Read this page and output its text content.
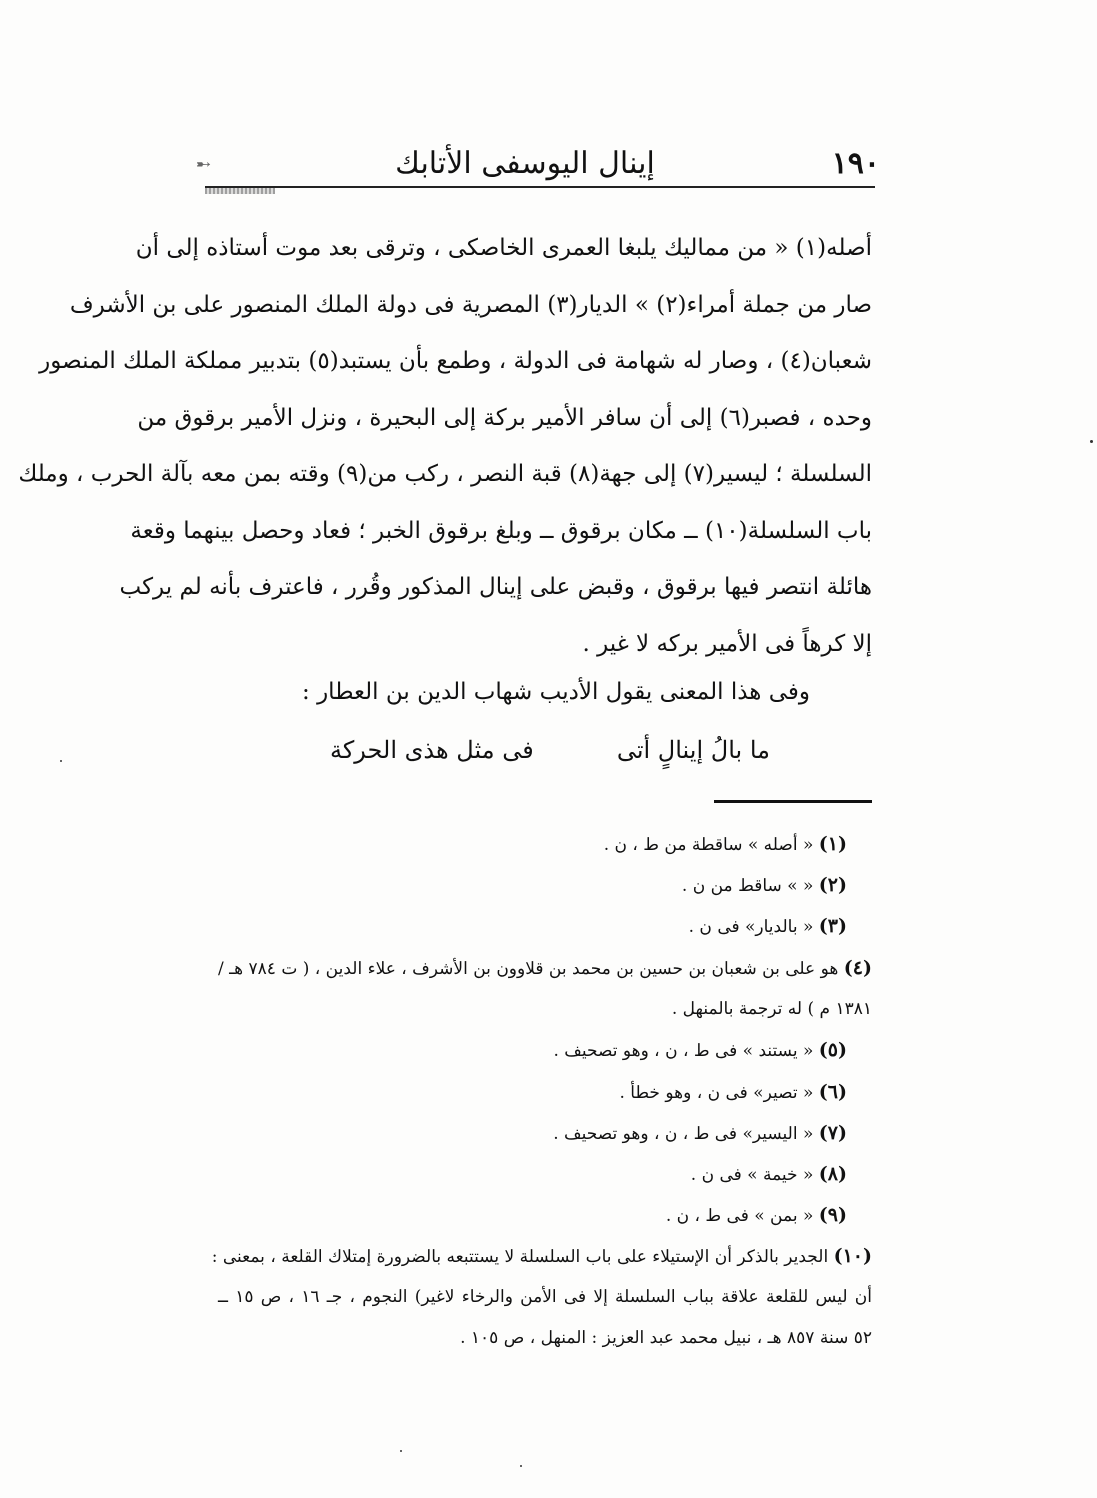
➸	إينال اليوسفى الأتابك	١٩٠
أصله(١) « من مماليك يلبغا العمرى الخاصكى ، وترقى بعد موت أستاذه إلى أن
صار من جملة أمراء(٢) » الديار(٣) المصرية فى دولة الملك المنصور على بن الأشرف
شعبان(٤) ، وصار له شهامة فى الدولة ، وطمع بأن يستبد(٥) بتدبير مملكة الملك المنصور
وحده ، فصبر(٦) إلى أن سافر الأمير بركة إلى البحيرة ، ونزل الأمير برقوق من
السلسلة ؛ ليسير(٧) إلى جهة(٨) قبة النصر ، ركب من(٩) وقته بمن معه بآلة الحرب ، وملك
باب السلسلة(١٠) ــ مكان برقوق ــ وبلغ برقوق الخبر ؛ فعاد وحصل بينهما وقعة
هائلة انتصر فيها برقوق ، وقبض على إينال المذكور وقُرر ، فاعترف بأنه لم يركب
إلا كرهاً فى الأمير بركه لا غير .
وفى هذا المعنى يقول الأديب شهاب الدين بن العطار :
ما بالُ إينالٍ أتى
فى مثل هذى الحركة
(١) « أصله » ساقطة من ط ، ن .
(٢) « » ساقط من ن .
(٣) « بالديار» فى ن .
(٤) هو على بن شعبان بن حسين بن محمد بن قلاوون بن الأشرف ، علاء الدين ، ( ت ٧٨٤ هـ /
١٣٨١ م ) له ترجمة بالمنهل .
(٥) « يستند » فى ط ، ن ، وهو تصحيف .
(٦) « تصير» فى ن ، وهو خطأ .
(٧) « اليسير» فى ط ، ن ، وهو تصحيف .
(٨) « خيمة » فى ن .
(٩) « بمن » فى ط ، ن .
(١٠) الجدير بالذكر أن الإستيلاء على باب السلسلة لا يستتبعه بالضرورة إمتلاك القلعة ، بمعنى :
أن ليس للقلعة علاقة بباب السلسلة إلا فى الأمن والرخاء لاغير) النجوم ، جـ ١٦ ، ص ١٥ ــ
٥٢ سنة ٨٥٧ هـ ، نبيل محمد عبد العزيز : المنهل ، ص ١٠٥ .
